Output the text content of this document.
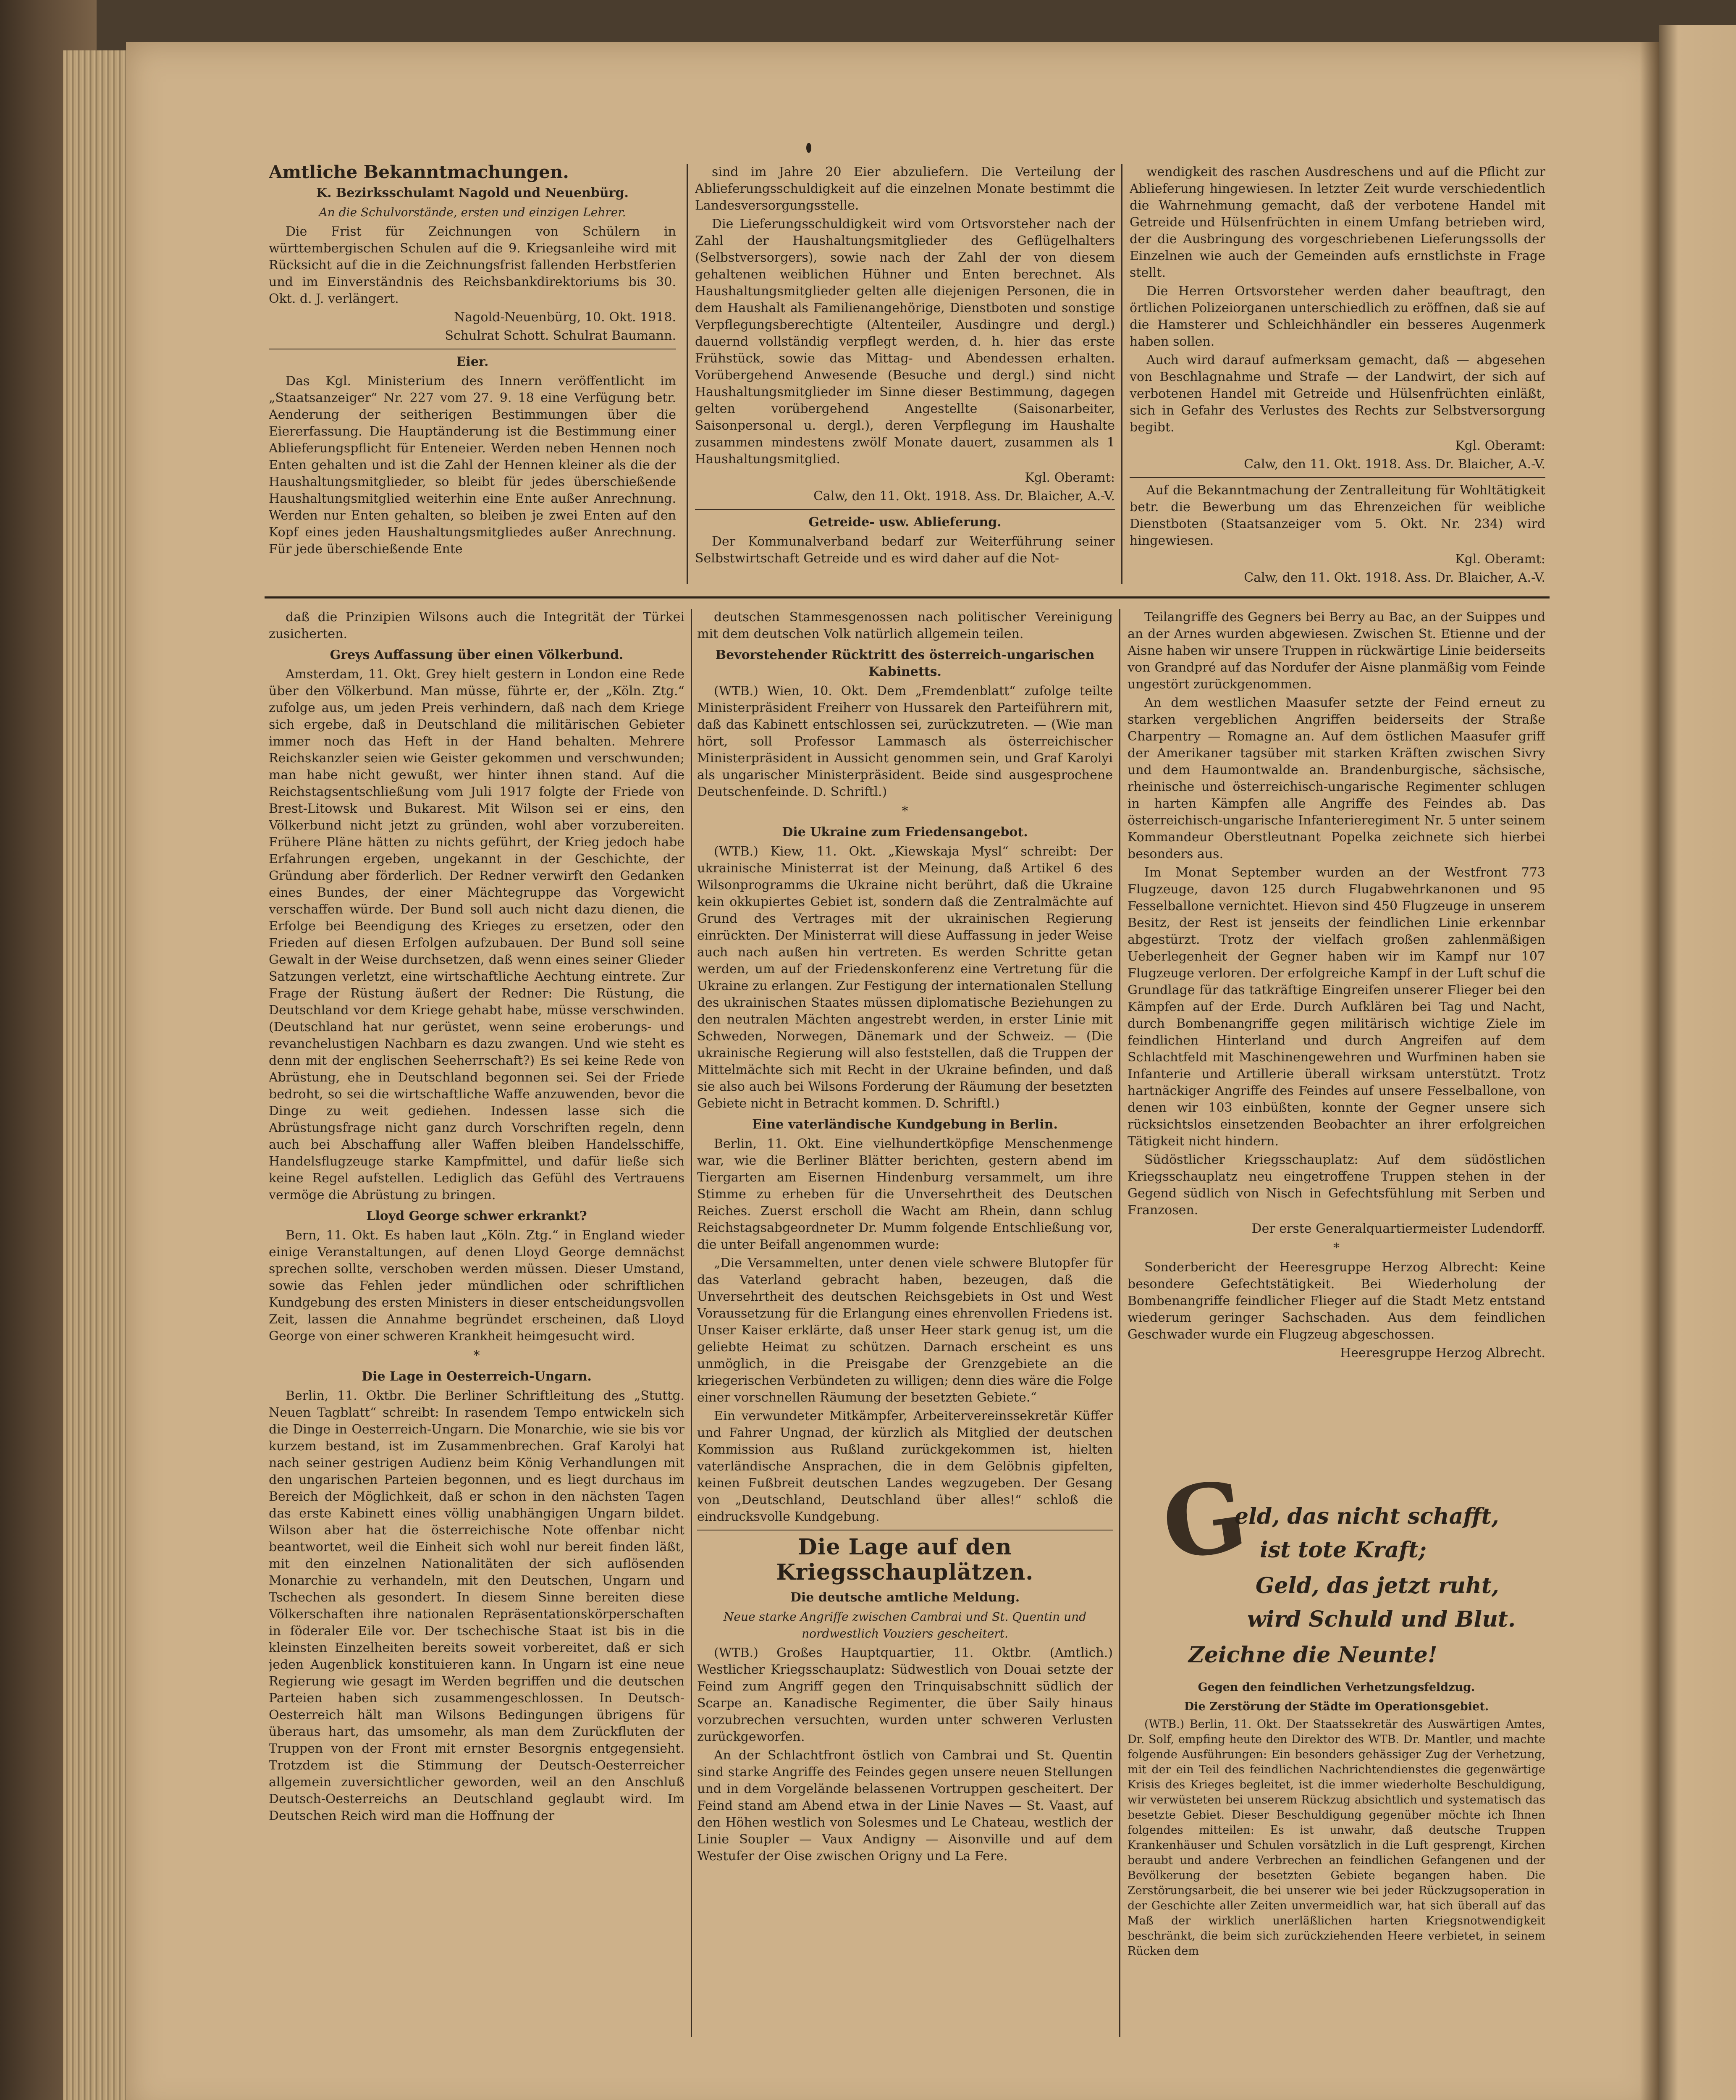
Amtliche Bekanntmachungen.

K. Bezirksschulamt Nagold und Neuenbürg.

An die Schulvorstände, ersten und einzigen Lehrer.

Die Frist für Zeichnungen von Schülern in württembergischen Schulen auf die 9. Kriegsanleihe wird mit Rücksicht auf die in die Zeichnungsfrist fallenden Herbstferien und im Einverständnis des Reichsbankdirektoriums bis 30. Okt. d. J. verlängert.

Nagold-Neuenbürg, 10. Okt. 1918.

Schulrat Schott. Schulrat Baumann.

Eier.

Das Kgl. Ministerium des Innern veröffentlicht im „Staatsanzeiger“ Nr. 227 vom 27. 9. 18 eine Verfügung betr. Aenderung der seitherigen Bestimmungen über die Eiererfassung. Die Hauptänderung ist die Bestimmung einer Ablieferungspflicht für Enteneier. Werden neben Hennen noch Enten gehalten und ist die Zahl der Hennen kleiner als die der Haushaltungsmitglieder, so bleibt für jedes überschießende Haushaltungsmitglied weiterhin eine Ente außer Anrechnung. Werden nur Enten gehalten, so bleiben je zwei Enten auf den Kopf eines jeden Haushaltungsmitgliedes außer Anrechnung. Für jede überschießende Ente

sind im Jahre 20 Eier abzuliefern. Die Verteilung der Ablieferungsschuldigkeit auf die einzelnen Monate bestimmt die Landesversorgungsstelle.

Die Lieferungsschuldigkeit wird vom Ortsvorsteher nach der Zahl der Haushaltungsmitglieder des Geflügelhalters (Selbstversorgers), sowie nach der Zahl der von diesem gehaltenen weiblichen Hühner und Enten berechnet. Als Haushaltungsmitglieder gelten alle diejenigen Personen, die in dem Haushalt als Familienangehörige, Dienstboten und sonstige Verpflegungsberechtigte (Altenteiler, Ausdingre und dergl.) dauernd vollständig verpflegt werden, d. h. hier das erste Frühstück, sowie das Mittag- und Abendessen erhalten. Vorübergehend Anwesende (Besuche und dergl.) sind nicht Haushaltungsmitglieder im Sinne dieser Bestimmung, dagegen gelten vorübergehend Angestellte (Saisonarbeiter, Saisonpersonal u. dergl.), deren Verpflegung im Haushalte zusammen mindestens zwölf Monate dauert, zusammen als 1 Haushaltungsmitglied.

Kgl. Oberamt:

Calw, den 11. Okt. 1918. Ass. Dr. Blaicher, A.-V.

Getreide- usw. Ablieferung.

Der Kommunalverband bedarf zur Weiterführung seiner Selbstwirtschaft Getreide und es wird daher auf die Not-

wendigkeit des raschen Ausdreschens und auf die Pflicht zur Ablieferung hingewiesen. In letzter Zeit wurde verschiedentlich die Wahrnehmung gemacht, daß der verbotene Handel mit Getreide und Hülsenfrüchten in einem Umfang betrieben wird, der die Ausbringung des vorgeschriebenen Lieferungssolls der Einzelnen wie auch der Gemeinden aufs ernstlichste in Frage stellt.

Die Herren Ortsvorsteher werden daher beauftragt, den örtlichen Polizeiorganen unterschiedlich zu eröffnen, daß sie auf die Hamsterer und Schleichhändler ein besseres Augenmerk haben sollen.

Auch wird darauf aufmerksam gemacht, daß — abgesehen von Beschlagnahme und Strafe — der Landwirt, der sich auf verbotenen Handel mit Getreide und Hülsenfrüchten einläßt, sich in Gefahr des Verlustes des Rechts zur Selbstversorgung begibt.

Kgl. Oberamt:

Calw, den 11. Okt. 1918. Ass. Dr. Blaicher, A.-V.

Auf die Bekanntmachung der Zentralleitung für Wohltätigkeit betr. die Bewerbung um das Ehrenzeichen für weibliche Dienstboten (Staatsanzeiger vom 5. Okt. Nr. 234) wird hingewiesen.

Kgl. Oberamt:

Calw, den 11. Okt. 1918. Ass. Dr. Blaicher, A.-V.

daß die Prinzipien Wilsons auch die Integrität der Türkei zusicherten.

Greys Auffassung über einen Völkerbund.

Amsterdam, 11. Okt. Grey hielt gestern in London eine Rede über den Völkerbund. Man müsse, führte er, der „Köln. Ztg.“ zufolge aus, um jeden Preis verhindern, daß nach dem Kriege sich ergebe, daß in Deutschland die militärischen Gebieter immer noch das Heft in der Hand behalten. Mehrere Reichskanzler seien wie Geister gekommen und verschwunden; man habe nicht gewußt, wer hinter ihnen stand. Auf die Reichstagsentschließung vom Juli 1917 folgte der Friede von Brest-Litowsk und Bukarest. Mit Wilson sei er eins, den Völkerbund nicht jetzt zu gründen, wohl aber vorzubereiten. Frühere Pläne hätten zu nichts geführt, der Krieg jedoch habe Erfahrungen ergeben, ungekannt in der Geschichte, der Gründung aber förderlich. Der Redner verwirft den Gedanken eines Bundes, der einer Mächtegruppe das Vorgewicht verschaffen würde. Der Bund soll auch nicht dazu dienen, die Erfolge bei Beendigung des Krieges zu ersetzen, oder den Frieden auf diesen Erfolgen aufzubauen. Der Bund soll seine Gewalt in der Weise durchsetzen, daß wenn eines seiner Glieder Satzungen verletzt, eine wirtschaftliche Aechtung eintrete. Zur Frage der Rüstung äußert der Redner: Die Rüstung, die Deutschland vor dem Kriege gehabt habe, müsse verschwinden. (Deutschland hat nur gerüstet, wenn seine eroberungs- und revanchelustigen Nachbarn es dazu zwangen. Und wie steht es denn mit der englischen Seeherrschaft?) Es sei keine Rede von Abrüstung, ehe in Deutschland begonnen sei. Sei der Friede bedroht, so sei die wirtschaftliche Waffe anzuwenden, bevor die Dinge zu weit gediehen. Indessen lasse sich die Abrüstungsfrage nicht ganz durch Vorschriften regeln, denn auch bei Abschaffung aller Waffen bleiben Handelsschiffe, Handelsflugzeuge starke Kampfmittel, und dafür ließe sich keine Regel aufstellen. Lediglich das Gefühl des Vertrauens vermöge die Abrüstung zu bringen.

Lloyd George schwer erkrankt?

Bern, 11. Okt. Es haben laut „Köln. Ztg.“ in England wieder einige Veranstaltungen, auf denen Lloyd George demnächst sprechen sollte, verschoben werden müssen. Dieser Umstand, sowie das Fehlen jeder mündlichen oder schriftlichen Kundgebung des ersten Ministers in dieser entscheidungsvollen Zeit, lassen die Annahme begründet erscheinen, daß Lloyd George von einer schweren Krankheit heimgesucht wird.

*

Die Lage in Oesterreich-Ungarn.

Berlin, 11. Oktbr. Die Berliner Schriftleitung des „Stuttg. Neuen Tagblatt“ schreibt: In rasendem Tempo entwickeln sich die Dinge in Oesterreich-Ungarn. Die Monarchie, wie sie bis vor kurzem bestand, ist im Zusammenbrechen. Graf Karolyi hat nach seiner gestrigen Audienz beim König Verhandlungen mit den ungarischen Parteien begonnen, und es liegt durchaus im Bereich der Möglichkeit, daß er schon in den nächsten Tagen das erste Kabinett eines völlig unabhängigen Ungarn bildet. Wilson aber hat die österreichische Note offenbar nicht beantwortet, weil die Einheit sich wohl nur bereit finden läßt, mit den einzelnen Nationalitäten der sich auflösenden Monarchie zu verhandeln, mit den Deutschen, Ungarn und Tschechen als gesondert. In diesem Sinne bereiten diese Völkerschaften ihre nationalen Repräsentationskörperschaften in föderaler Eile vor. Der tschechische Staat ist bis in die kleinsten Einzelheiten bereits soweit vorbereitet, daß er sich jeden Augenblick konstituieren kann. In Ungarn ist eine neue Regierung wie gesagt im Werden begriffen und die deutschen Parteien haben sich zusammengeschlossen. In Deutsch-Oesterreich hält man Wilsons Bedingungen übrigens für überaus hart, das umsomehr, als man dem Zurückfluten der Truppen von der Front mit ernster Besorgnis entgegensieht. Trotzdem ist die Stimmung der Deutsch-Oesterreicher allgemein zuversichtlicher geworden, weil an den Anschluß Deutsch-Oesterreichs an Deutschland geglaubt wird. Im Deutschen Reich wird man die Hoffnung der

deutschen Stammesgenossen nach politischer Vereinigung mit dem deutschen Volk natürlich allgemein teilen.

Bevorstehender Rücktritt des österreich-ungarischen Kabinetts.

(WTB.) Wien, 10. Okt. Dem „Fremdenblatt“ zufolge teilte Ministerpräsident Freiherr von Hussarek den Parteiführern mit, daß das Kabinett entschlossen sei, zurückzutreten. — (Wie man hört, soll Professor Lammasch als österreichischer Ministerpräsident in Aussicht genommen sein, und Graf Karolyi als ungarischer Ministerpräsident. Beide sind ausgesprochene Deutschenfeinde. D. Schriftl.)

*

Die Ukraine zum Friedensangebot.

(WTB.) Kiew, 11. Okt. „Kiewskaja Mysl“ schreibt: Der ukrainische Ministerrat ist der Meinung, daß Artikel 6 des Wilsonprogramms die Ukraine nicht berührt, daß die Ukraine kein okkupiertes Gebiet ist, sondern daß die Zentralmächte auf Grund des Vertrages mit der ukrainischen Regierung einrückten. Der Ministerrat will diese Auffassung in jeder Weise auch nach außen hin vertreten. Es werden Schritte getan werden, um auf der Friedenskonferenz eine Vertretung für die Ukraine zu erlangen. Zur Festigung der internationalen Stellung des ukrainischen Staates müssen diplomatische Beziehungen zu den neutralen Mächten angestrebt werden, in erster Linie mit Schweden, Norwegen, Dänemark und der Schweiz. — (Die ukrainische Regierung will also feststellen, daß die Truppen der Mittelmächte sich mit Recht in der Ukraine befinden, und daß sie also auch bei Wilsons Forderung der Räumung der besetzten Gebiete nicht in Betracht kommen. D. Schriftl.)

Eine vaterländische Kundgebung in Berlin.

Berlin, 11. Okt. Eine vielhundertköpfige Menschenmenge war, wie die Berliner Blätter berichten, gestern abend im Tiergarten am Eisernen Hindenburg versammelt, um ihre Stimme zu erheben für die Unversehrtheit des Deutschen Reiches. Zuerst erscholl die Wacht am Rhein, dann schlug Reichstagsabgeordneter Dr. Mumm folgende Entschließung vor, die unter Beifall angenommen wurde:

„Die Versammelten, unter denen viele schwere Blutopfer für das Vaterland gebracht haben, bezeugen, daß die Unversehrtheit des deutschen Reichsgebiets in Ost und West Voraussetzung für die Erlangung eines ehrenvollen Friedens ist. Unser Kaiser erklärte, daß unser Heer stark genug ist, um die geliebte Heimat zu schützen. Darnach erscheint es uns unmöglich, in die Preisgabe der Grenzgebiete an die kriegerischen Verbündeten zu willigen; denn dies wäre die Folge einer vorschnellen Räumung der besetzten Gebiete.“

Ein verwundeter Mitkämpfer, Arbeitervereinssekretär Küffer und Fahrer Ungnad, der kürzlich als Mitglied der deutschen Kommission aus Rußland zurückgekommen ist, hielten vaterländische Ansprachen, die in dem Gelöbnis gipfelten, keinen Fußbreit deutschen Landes wegzugeben. Der Gesang von „Deutschland, Deutschland über alles!“ schloß die eindrucksvolle Kundgebung.

Die Lage auf den Kriegsschauplätzen.

Die deutsche amtliche Meldung.

Neue starke Angriffe zwischen Cambrai und St. Quentin und nordwestlich Vouziers gescheitert.

(WTB.) Großes Hauptquartier, 11. Oktbr. (Amtlich.) Westlicher Kriegsschauplatz: Südwestlich von Douai setzte der Feind zum Angriff gegen den Trinquisabschnitt südlich der Scarpe an. Kanadische Regimenter, die über Saily hinaus vorzubrechen versuchten, wurden unter schweren Verlusten zurückgeworfen.

An der Schlachtfront östlich von Cambrai und St. Quentin sind starke Angriffe des Feindes gegen unsere neuen Stellungen und in dem Vorgelände belassenen Vortruppen gescheitert. Der Feind stand am Abend etwa in der Linie Naves — St. Vaast, auf den Höhen westlich von Solesmes und Le Chateau, westlich der Linie Soupler — Vaux Andigny — Aisonville und auf dem Westufer der Oise zwischen Origny und La Fere.

Teilangriffe des Gegners bei Berry au Bac, an der Suippes und an der Arnes wurden abgewiesen. Zwischen St. Etienne und der Aisne haben wir unsere Truppen in rückwärtige Linie beiderseits von Grandpré auf das Nordufer der Aisne planmäßig vom Feinde ungestört zurückgenommen.

An dem westlichen Maasufer setzte der Feind erneut zu starken vergeblichen Angriffen beiderseits der Straße Charpentry — Romagne an. Auf dem östlichen Maasufer griff der Amerikaner tagsüber mit starken Kräften zwischen Sivry und dem Haumontwalde an. Brandenburgische, sächsische, rheinische und österreichisch-ungarische Regimenter schlugen in harten Kämpfen alle Angriffe des Feindes ab. Das österreichisch-ungarische Infanterieregiment Nr. 5 unter seinem Kommandeur Oberstleutnant Popelka zeichnete sich hierbei besonders aus.

Im Monat September wurden an der Westfront 773 Flugzeuge, davon 125 durch Flugabwehrkanonen und 95 Fesselballone vernichtet. Hievon sind 450 Flugzeuge in unserem Besitz, der Rest ist jenseits der feindlichen Linie erkennbar abgestürzt. Trotz der vielfach großen zahlenmäßigen Ueberlegenheit der Gegner haben wir im Kampf nur 107 Flugzeuge verloren. Der erfolgreiche Kampf in der Luft schuf die Grundlage für das tatkräftige Eingreifen unserer Flieger bei den Kämpfen auf der Erde. Durch Aufklären bei Tag und Nacht, durch Bombenangriffe gegen militärisch wichtige Ziele im feindlichen Hinterland und durch Angreifen auf dem Schlachtfeld mit Maschinengewehren und Wurfminen haben sie Infanterie und Artillerie überall wirksam unterstützt. Trotz hartnäckiger Angriffe des Feindes auf unsere Fesselballone, von denen wir 103 einbüßten, konnte der Gegner unsere sich rücksichtslos einsetzenden Beobachter an ihrer erfolgreichen Tätigkeit nicht hindern.

Südöstlicher Kriegsschauplatz: Auf dem südöstlichen Kriegsschauplatz neu eingetroffene Truppen stehen in der Gegend südlich von Nisch in Gefechtsfühlung mit Serben und Franzosen.

Der erste Generalquartiermeister Ludendorff.

*

Sonderbericht der Heeresgruppe Herzog Albrecht: Keine besondere Gefechtstätigkeit. Bei Wiederholung der Bombenangriffe feindlicher Flieger auf die Stadt Metz entstand wiederum geringer Sachschaden. Aus dem feindlichen Geschwader wurde ein Flugzeug abgeschossen.

Heeresgruppe Herzog Albrecht.

G
eld, das nicht schafft,
ist tote Kraft;
Geld, das jetzt ruht,
wird Schuld und Blut.
Zeichne die Neunte!

Gegen den feindlichen Verhetzungsfeldzug.

Die Zerstörung der Städte im Operationsgebiet.

(WTB.) Berlin, 11. Okt. Der Staatssekretär des Auswärtigen Amtes, Dr. Solf, empfing heute den Direktor des WTB. Dr. Mantler, und machte folgende Ausführungen: Ein besonders gehässiger Zug der Verhetzung, mit der ein Teil des feindlichen Nachrichtendienstes die gegenwärtige Krisis des Krieges begleitet, ist die immer wiederholte Beschuldigung, wir verwüsteten bei unserem Rückzug absichtlich und systematisch das besetzte Gebiet. Dieser Beschuldigung gegenüber möchte ich Ihnen folgendes mitteilen: Es ist unwahr, daß deutsche Truppen Krankenhäuser und Schulen vorsätzlich in die Luft gesprengt, Kirchen beraubt und andere Verbrechen an feindlichen Gefangenen und der Bevölkerung der besetzten Gebiete begangen haben. Die Zerstörungsarbeit, die bei unserer wie bei jeder Rückzugsoperation in der Geschichte aller Zeiten unvermeidlich war, hat sich überall auf das Maß der wirklich unerläßlichen harten Kriegsnotwendigkeit beschränkt, die beim sich zurückziehenden Heere verbietet, in seinem Rücken dem
